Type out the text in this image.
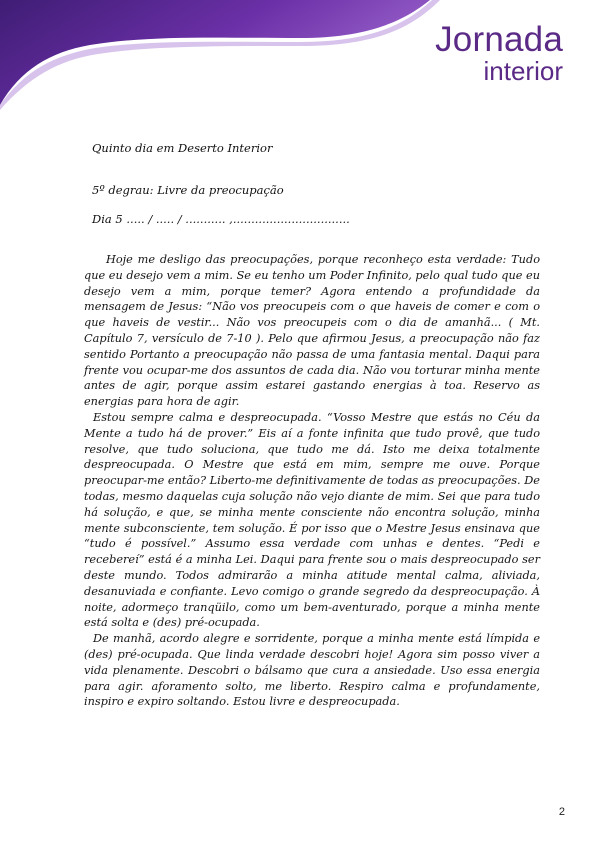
Jornada
interior
Quinto dia em Deserto Interior
5º degrau: Livre da preocupação
Dia 5 ..... / ..... / ........... ,................................

Hoje me desligo das preocupações, porque reconheço esta verdade: Tudo que eu desejo vem a mim. Se eu tenho um Poder Infinito, pelo qual tudo que eu desejo vem a mim, porque temer? Agora entendo a profundidade da mensagem de Jesus: “Não vos preocupeis com o que haveis de comer e com o que haveis de vestir... Não vos preocupeis com o dia de amanhã... ( Mt. Capítulo 7, versículo de 7-10 ). Pelo que afirmou Jesus, a preocupação não faz sentido Portanto a preocupação não passa de uma fantasia mental. Daqui para frente vou ocupar-me dos assuntos de cada dia. Não vou torturar minha mente antes de agir, porque assim estarei gastando energias à toa. Reservo as energias para hora de agir.

Estou sempre calma e despreocupada. “Vosso Mestre que estás no Céu da Mente a tudo há de prover.” Eis aí a fonte infinita que tudo provê, que tudo resolve, que tudo soluciona, que tudo me dá. Isto me deixa totalmente despreocupada. O Mestre que está em mim, sempre me ouve. Porque preocupar-me então? Liberto-me definitivamente de todas as preocupações. De todas, mesmo daquelas cuja solução não vejo diante de mim. Sei que para tudo há solução, e que, se minha mente consciente não encontra solução, minha mente subconsciente, tem solução. É por isso que o Mestre Jesus ensinava que “tudo é possível.” Assumo essa verdade com unhas e dentes. “Pedi e recebereí” está é a minha Lei. Daqui para frente sou o mais despreocupado ser deste mundo. Todos admirarão a minha atitude mental calma, aliviada, desanuviada e confiante. Levo comigo o grande segredo da despreocupação. À noite, adormeço tranqüilo, como um bem-aventurado, porque a minha mente está solta e (des) pré-ocupada.

De manhã, acordo alegre e sorridente, porque a minha mente está límpida e (des) pré-ocupada. Que linda verdade descobri hoje! Agora sim posso viver a vida plenamente. Descobri o bálsamo que cura a ansiedade. Uso essa energia para agir. aforamento solto, me liberto. Respiro calma e profundamente, inspiro e expiro soltando. Estou livre e despreocupada.

2
